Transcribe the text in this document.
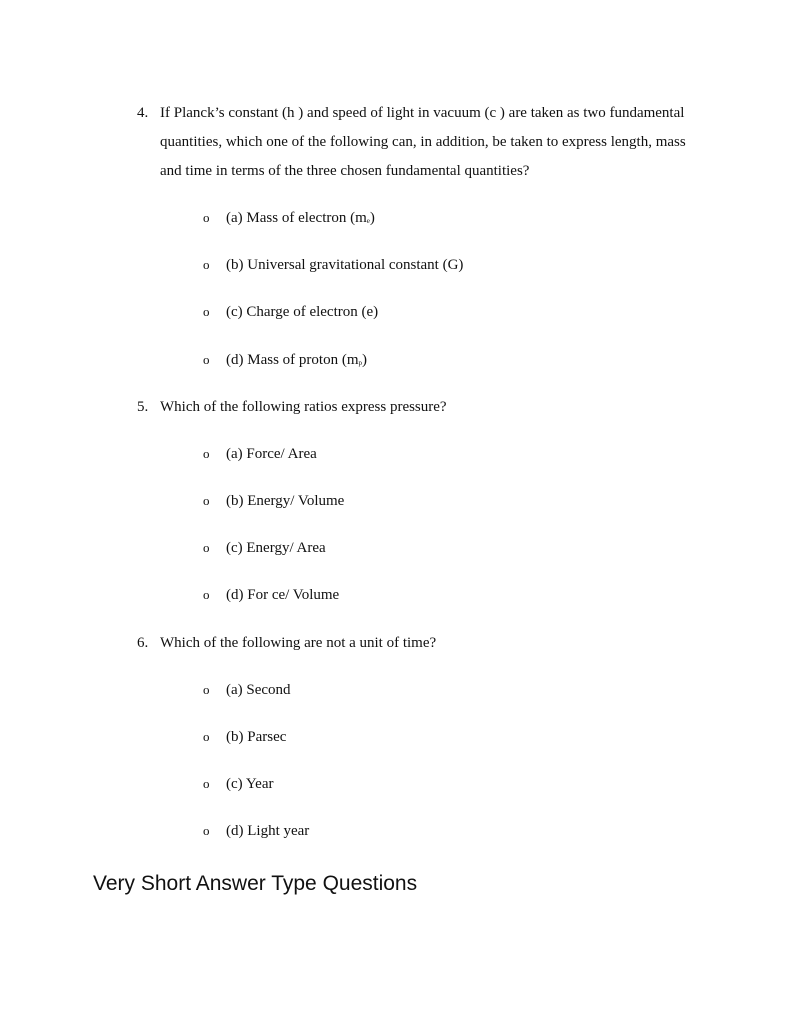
4. If Planck’s constant (h ) and speed of light in vacuum (c ) are taken as two fundamental quantities, which one of the following can, in addition, be taken to express length, mass and time in terms of the three chosen fundamental quantities?
o (a) Mass of electron $(m_e)$
o (b) Universal gravitational constant (G)
o (c) Charge of electron (e)
o (d) Mass of proton $(m_p)$
5. Which of the following ratios express pressure?
o (a) Force/ Area
o (b) Energy/ Volume
o (c) Energy/ Area
o (d) For ce/ Volume
6. Which of the following are not a unit of time?
o (a) Second
o (b) Parsec
o (c) Year
o (d) Light year
Very Short Answer Type Questions
